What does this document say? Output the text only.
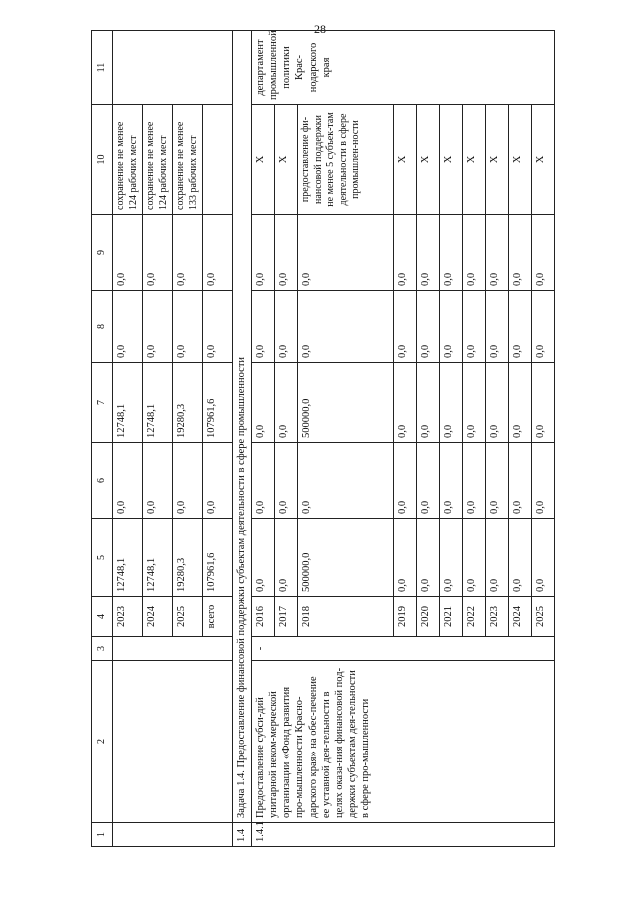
28
1	2	3	4	5	6	7	8	9	10	11
			2023	12748,1	0,0	12748,1	0,0	0,0	сохранение не менее 124 рабочих мест	
			2024	12748,1	0,0	12748,1	0,0	0,0	сохранение не менее 124 рабочих мест	
			2025	19280,3	0,0	19280,3	0,0	0,0	сохранение не менее 133 рабочих мест	
			всего	107961,6	0,0	107961,6	0,0	0,0		
1.4	Задача 1.4. Предоставление финансовой поддержки субъектам деятельности в сфере промышленности									
1.4.1	Предоставление субси-дий унитарной неком-мерческой организации «Фонд развития про-мышленности Красно-дарского края» на обес-печение ее уставной дея-тельности в целях оказа-ния финансовой под-держки субъектам дея-тельности в сфере про-мышленности	-	2016	0,0	0,0	0,0	0,0	0,0	X	департамент промышленной политики Крас-нодарского края
			2017	0,0	0,0	0,0	0,0	0,0	X	
			2018	500000,0	0,0	500000,0	0,0	0,0	предоставление фи-нансовой поддержки не менее 5 субъек-там деятельности в сфере промышлен-ности	
			2019	0,0	0,0	0,0	0,0	0,0	X	
			2020	0,0	0,0	0,0	0,0	0,0	X	
			2021	0,0	0,0	0,0	0,0	0,0	X	
			2022	0,0	0,0	0,0	0,0	0,0	X	
			2023	0,0	0,0	0,0	0,0	0,0	X	
			2024	0,0	0,0	0,0	0,0	0,0	X	
			2025	0,0	0,0	0,0	0,0	0,0	X	
